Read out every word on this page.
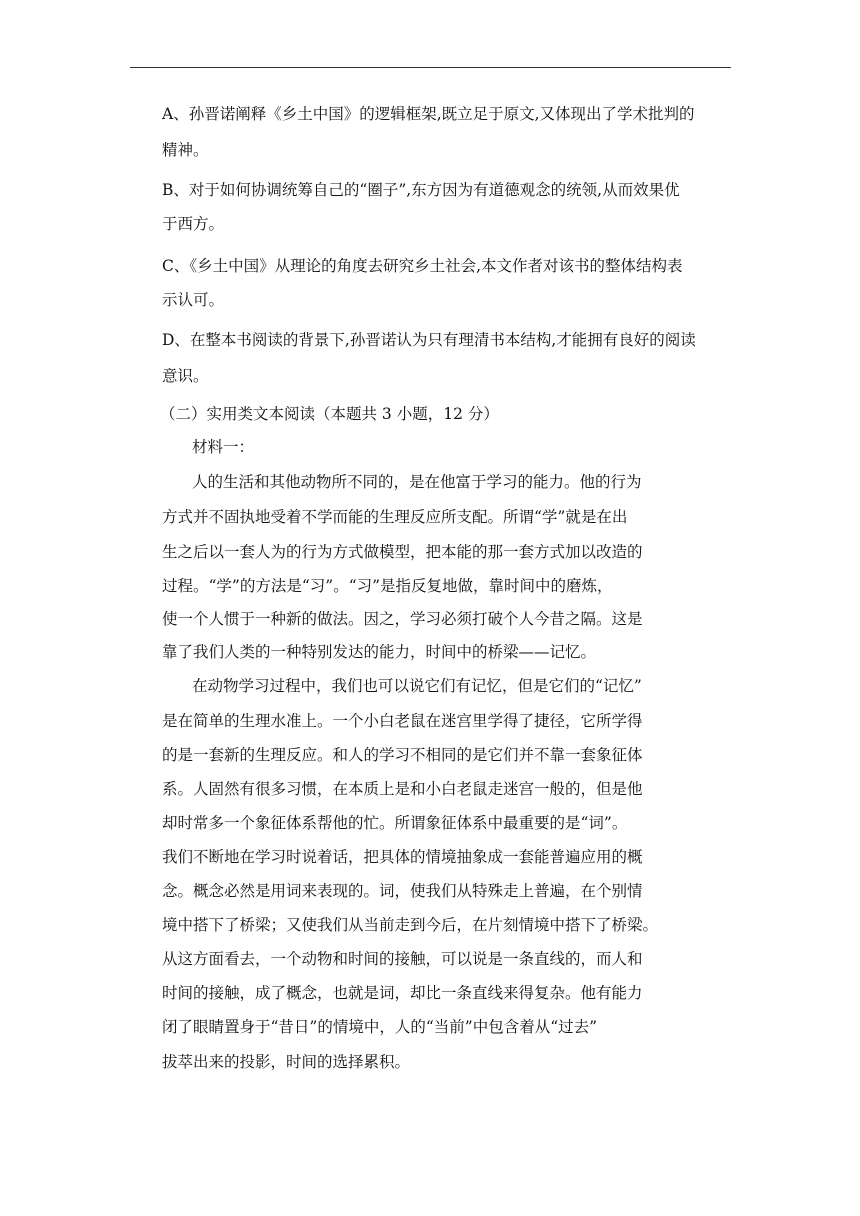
A、孙晋诺阐释《乡土中国》的逻辑框架,既立足于原文,又体现出了学术批判的
精神。
B、对于如何协调统筹自己的“圈子”,东方因为有道德观念的统领,从而效果优
于西方。
C、《乡土中国》从理论的角度去研究乡土社会,本文作者对该书的整体结构表
示认可。
D、在整本书阅读的背景下,孙晋诺认为只有理清书本结构,才能拥有良好的阅读
意识。
（二）实用类文本阅读（本题共 3 小题，12 分）
材料一：
人的生活和其他动物所不同的，是在他富于学习的能力。他的行为
方式并不固执地受着不学而能的生理反应所支配。所谓“学”就是在出
生之后以一套人为的行为方式做模型，把本能的那一套方式加以改造的
过程。“学”的方法是“习”。“习”是指反复地做，靠时间中的磨炼，
使一个人惯于一种新的做法。因之，学习必须打破个人今昔之隔。这是
靠了我们人类的一种特别发达的能力，时间中的桥梁——记忆。
在动物学习过程中，我们也可以说它们有记忆，但是它们的“记忆”
是在简单的生理水准上。一个小白老鼠在迷宫里学得了捷径，它所学得
的是一套新的生理反应。和人的学习不相同的是它们并不靠一套象征体
系。人固然有很多习惯，在本质上是和小白老鼠走迷宫一般的，但是他
却时常多一个象征体系帮他的忙。所谓象征体系中最重要的是“词”。
我们不断地在学习时说着话，把具体的情境抽象成一套能普遍应用的概
念。概念必然是用词来表现的。词，使我们从特殊走上普遍，在个别情
境中搭下了桥梁；又使我们从当前走到今后，在片刻情境中搭下了桥梁。
从这方面看去，一个动物和时间的接触，可以说是一条直线的，而人和
时间的接触，成了概念，也就是词，却比一条直线来得复杂。他有能力
闭了眼睛置身于“昔日”的情境中，人的“当前”中包含着从“过去”
拔萃出来的投影，时间的选择累积。
